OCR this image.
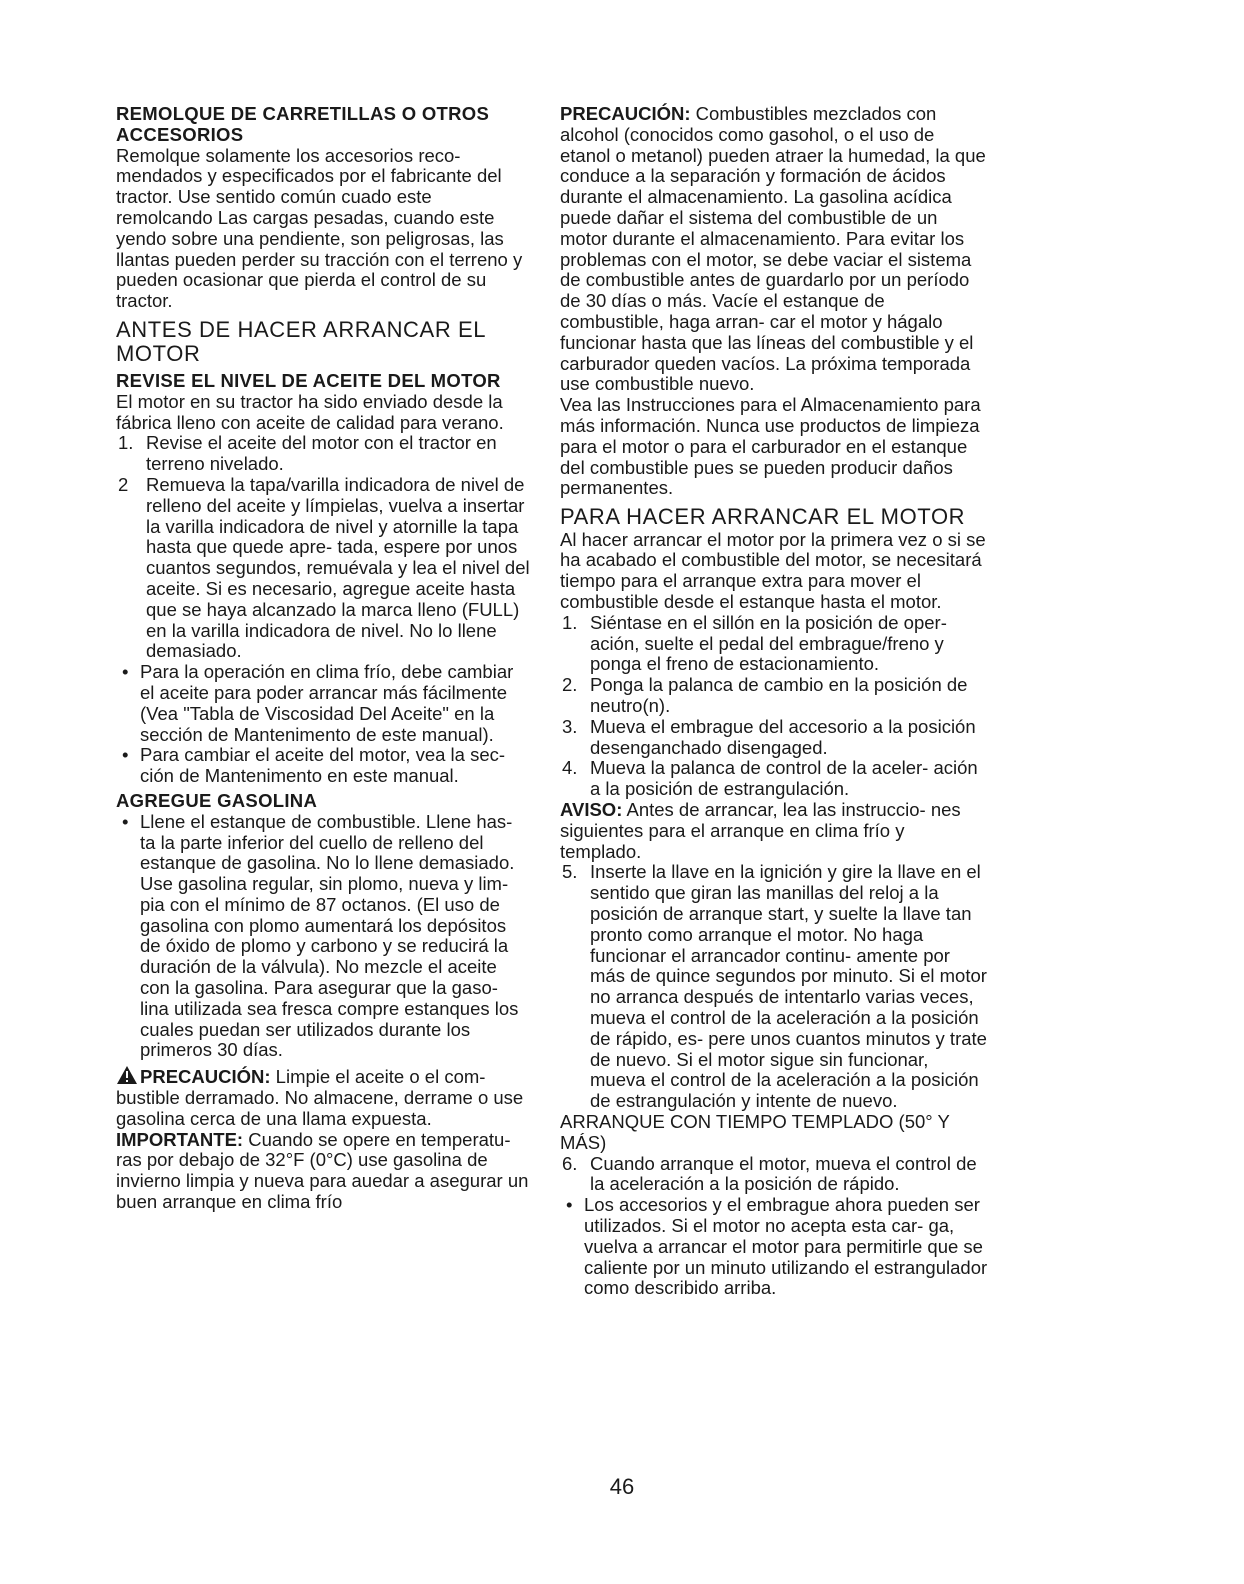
REMOLQUE DE CARRETILLAS O OTROS ACCESORIOS

Remolque solamente los accesorios reco- mendados y especificados por el fabricante del tractor. Use sentido común cuado este remolcando Las cargas pesadas, cuando este yendo sobre una pendiente, son peligrosas, las llantas pueden perder su tracción con el terreno y pueden ocasionar que pierda el control de su tractor.

ANTES DE HACER ARRANCAR EL MOTOR

REVISE EL NIVEL DE ACEITE DEL MOTOR

El motor en su tractor ha sido enviado desde la fábrica lleno con aceite de calidad para verano.

1. Revise el aceite del motor con el tractor en terreno nivelado.
2 Remueva la tapa/varilla indicadora de nivel de relleno del aceite y límpielas, vuelva a insertar la varilla indicadora de nivel y atornille la tapa hasta que quede apre- tada, espere por unos cuantos segundos, remuévala y lea el nivel del aceite. Si es necesario, agregue aceite hasta que se haya alcanzado la marca lleno (FULL) en la varilla indicadora de nivel. No lo llene demasiado.
• Para la operación en clima frío, debe cambiar el aceite para poder arrancar más fácilmente (Vea "Tabla de Viscosidad Del Aceite" en la sección de Mantenimento de este manual).
• Para cambiar el aceite del motor, vea la sec- ción de Mantenimento en este manual.

AGREGUE GASOLINA

• Llene el estanque de combustible. Llene has- ta la parte inferior del cuello de relleno del estanque de gasolina. No lo llene demasiado. Use gasolina regular, sin plomo, nueva y lim- pia con el mínimo de 87 octanos. (El uso de gasolina con plomo aumentará los depósitos de óxido de plomo y carbono y se reducirá la duración de la válvula). No mezcle el aceite con la gasolina. Para asegurar que la gaso- lina utilizada sea fresca compre estanques los cuales puedan ser utilizados durante los primeros 30 días.

PRECAUCIÓN: Limpie el aceite o el com- bustible derramado. No almacene, derrame o use gasolina cerca de una llama expuesta.

IMPORTANTE: Cuando se opere en temperatu- ras por debajo de 32°F (0°C) use gasolina de invierno limpia y nueva para auedar a asegurar un buen arranque en clima frío

PRECAUCIÓN: Combustibles mezclados con alcohol (conocidos como gasohol, o el uso de etanol o metanol) pueden atraer la humedad, la que conduce a la separación y formación de ácidos durante el almacenamiento. La gasolina acídica puede dañar el sistema del combustible de un motor durante el almacenamiento. Para evitar los problemas con el motor, se debe vaciar el sistema de combustible antes de guardarlo por un período de 30 días o más. Vacíe el estanque de combustible, haga arran- car el motor y hágalo funcionar hasta que las líneas del combustible y el carburador queden vacíos. La próxima temporada use combustible nuevo.

Vea las Instrucciones para el Almacenamiento para más información. Nunca use productos de limpieza para el motor o para el carburador en el estanque del combustible pues se pueden producir daños permanentes.

PARA HACER ARRANCAR EL MOTOR

Al hacer arrancar el motor por la primera vez o si se ha acabado el combustible del motor, se necesitará tiempo para el arranque extra para mover el combustible desde el estanque hasta el motor.

1. Siéntase en el sillón en la posición de oper- ación, suelte el pedal del embrague/freno y ponga el freno de estacionamiento.
2. Ponga la palanca de cambio en la posición de neutro(n).
3. Mueva el embrague del accesorio a la posición desenganchado disengaged.
4. Mueva la palanca de control de la aceler- ación a la posición de estrangulación.

AVISO: Antes de arrancar, lea las instruccio- nes siguientes para el arranque en clima frío y templado.

5. Inserte la llave en la ignición y gire la llave en el sentido que giran las manillas del reloj a la posición de arranque start, y suelte la llave tan pronto como arranque el motor. No haga funcionar el arrancador continu- amente por más de quince segundos por minuto. Si el motor no arranca después de intentarlo varias veces, mueva el control de la aceleración a la posición de rápido, es- pere unos cuantos minutos y trate de nuevo. Si el motor sigue sin funcionar, mueva el control de la aceleración a la posición de estrangulación y intente de nuevo.

ARRANQUE CON TIEMPO TEMPLADO (50° Y MÁS)

6. Cuando arranque el motor, mueva el control de la aceleración a la posición de rápido.
• Los accesorios y el embrague ahora pueden ser utilizados. Si el motor no acepta esta car- ga, vuelva a arrancar el motor para permitirle que se caliente por un minuto utilizando el estrangulador como describido arriba.
46
